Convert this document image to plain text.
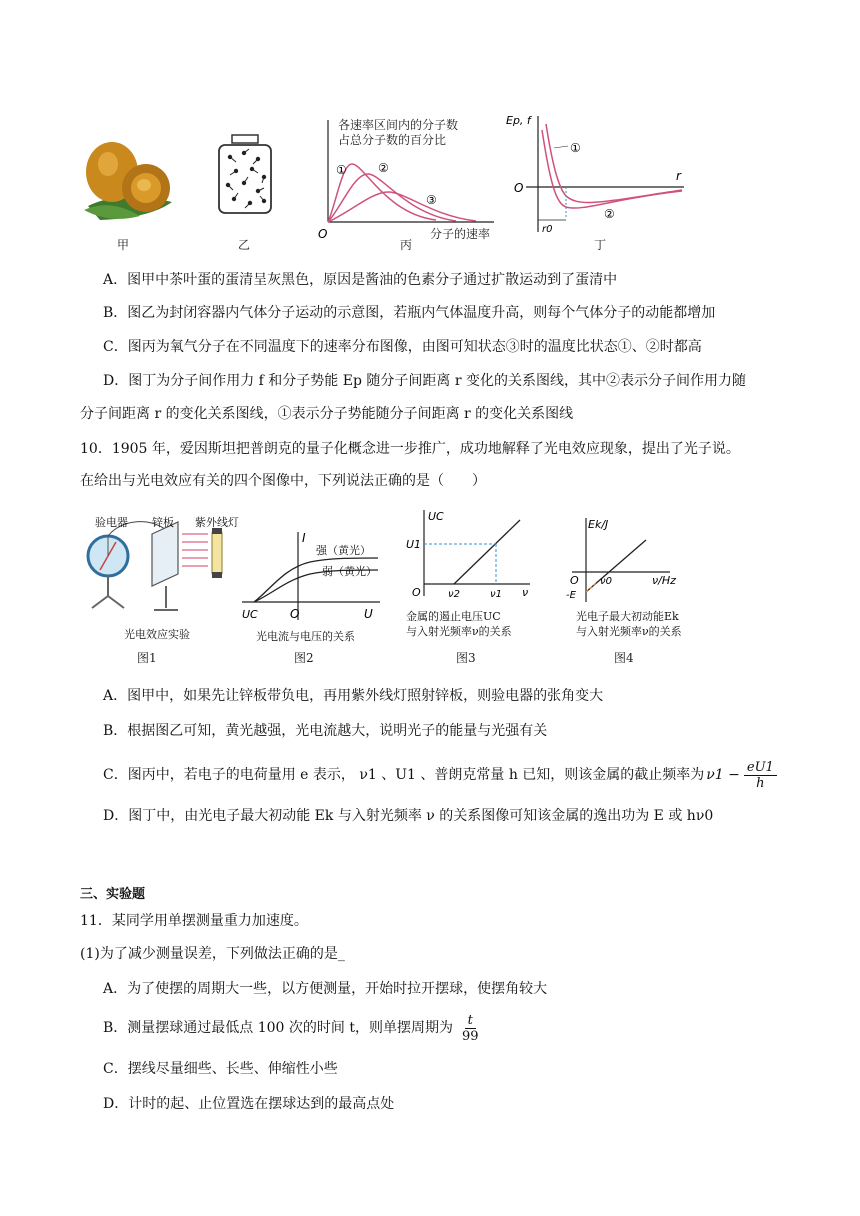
①	②
③
O
各速率区间内的分子数
占总分子数的百分比
分子的速率
O
r0
r
Ep, f
①
②
甲	乙	丙	丁
A．图甲中茶叶蛋的蛋清呈灰黑色，原因是酱油的色素分子通过扩散运动到了蛋清中
B．图乙为封闭容器内气体分子运动的示意图，若瓶内气体温度升高，则每个气体分子的动能都增加
C．图丙为氧气分子在不同温度下的速率分布图像，由图可知状态③时的温度比状态①、②时都高
D．图丁为分子间作用力 f 和分子势能 Ep 随分子间距离 r 变化的关系图线，其中②表示分子间作用力随
分子间距离 r 的变化关系图线，①表示分子势能随分子间距离 r 的变化关系图线
10．1905 年，爱因斯坦把普朗克的量子化概念进一步推广，成功地解释了光电效应现象，提出了光子说。
在给出与光电效应有关的四个图像中，下列说法正确的是（　　）
验电器 锌板 紫外线灯
光电效应实验
图1
I
U
O
UC
强（黄光）
弱（黄光）
光电流与电压的关系
图2
UC
U1
O	ν2	ν1 ν
金属的遏止电压UC
与入射光频率ν的关系
图3
Ek/J
O
-E
ν0	ν/Hz
光电子最大初动能Ek
与入射光频率ν的关系
图4
A．图甲中，如果先让锌板带负电，再用紫外线灯照射锌板，则验电器的张角变大
B．根据图乙可知，黄光越强，光电流越大，说明光子的能量与光强有关
C．图丙中，若电子的电荷量用 e 表示， ν1 、U1 、普朗克常量 h 已知，则该金属的截止频率为 $\nu 1 - \frac{eU1}{h}$
D．图丁中，由光电子最大初动能 Ek 与入射光频率 ν 的关系图像可知该金属的逸出功为 E 或 hν0
三、实验题
11．某同学用单摆测量重力加速度。
(1)为了减少测量误差，下列做法正确的是_
A．为了使摆的周期大一些，以方便测量，开始时拉开摆球，使摆角较大
B．测量摆球通过最低点 100 次的时间 t，则单摆周期为 $\frac{t}{99}$
C．摆线尽量细些、长些、伸缩性小些
D．计时的起、止位置选在摆球达到的最高点处
